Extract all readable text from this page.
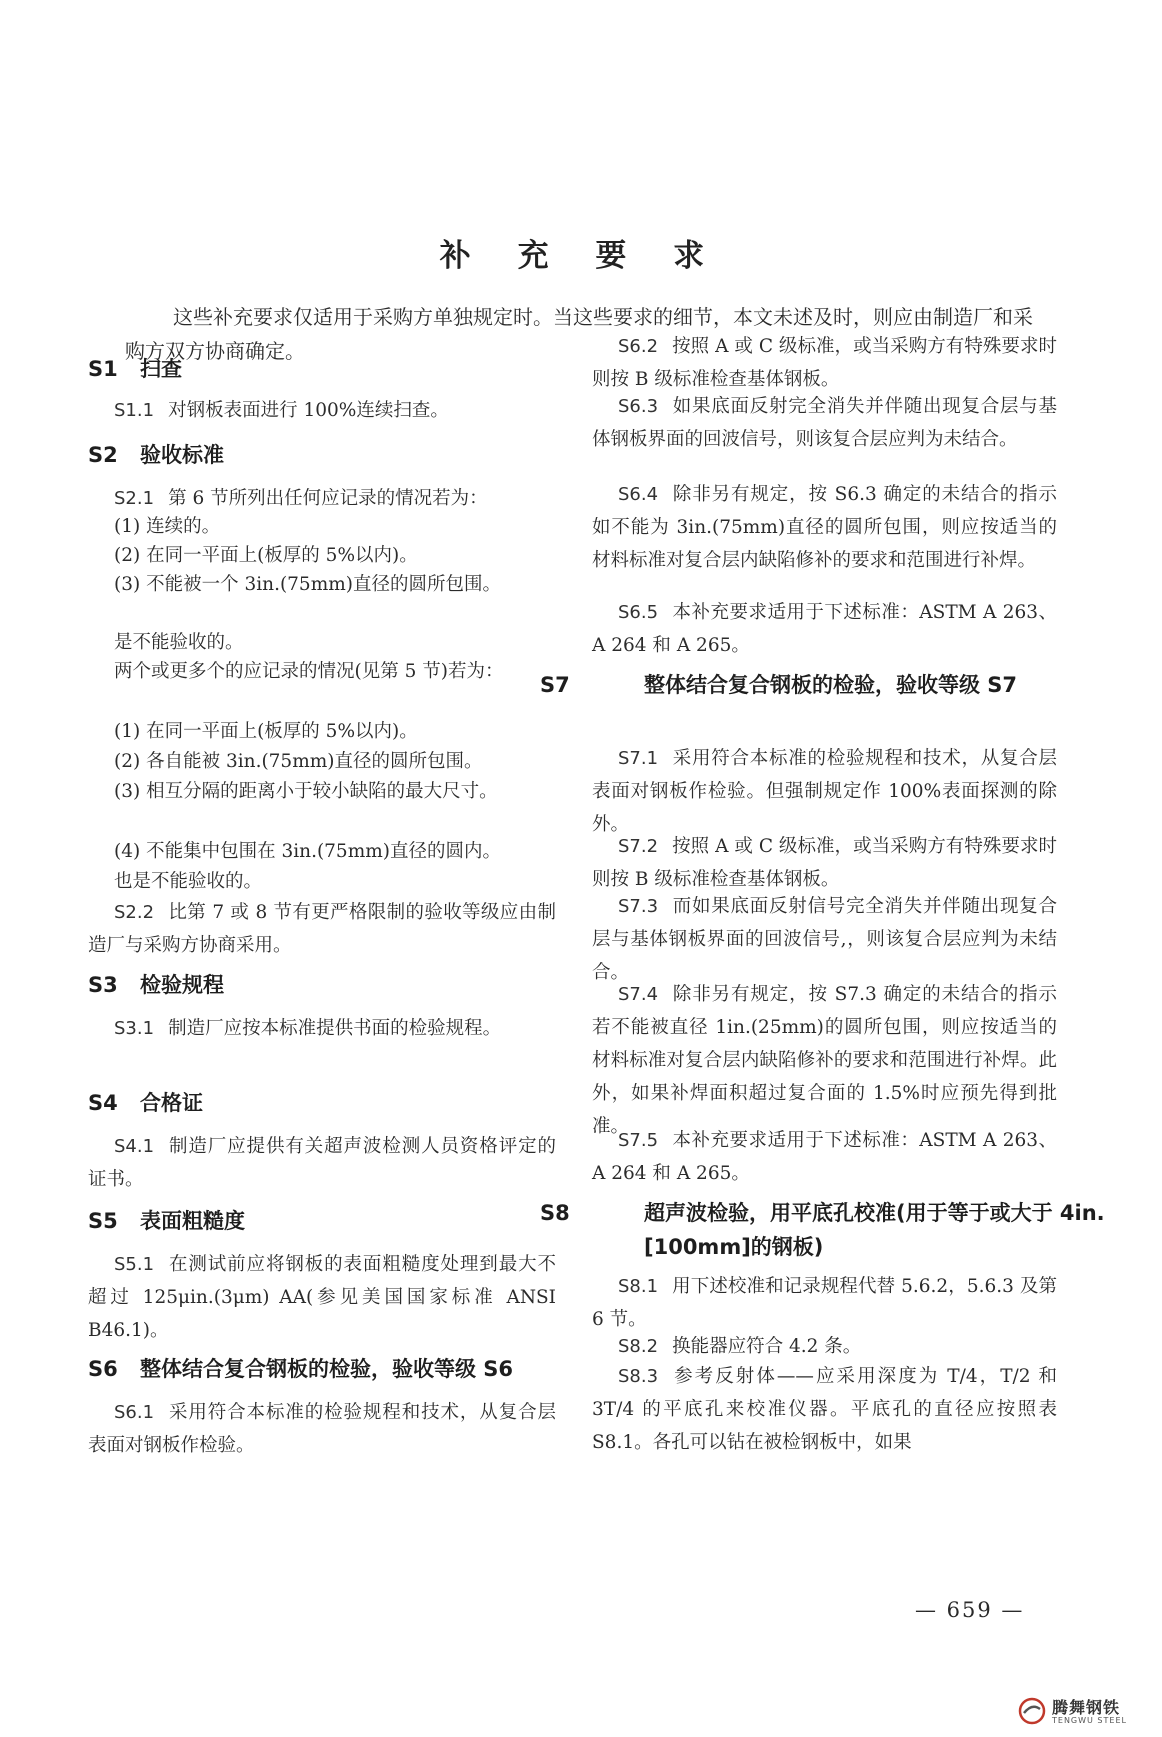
补 充 要 求
这些补充要求仅适用于采购方单独规定时。当这些要求的细节，本文未述及时，则应由制造厂和采购方双方协商确定。
S1 扫查
S1.1 对钢板表面进行 100%连续扫查。
S2 验收标准
S2.1 第 6 节所列出任何应记录的情况若为：
(1) 连续的。
(2) 在同一平面上(板厚的 5%以内)。
(3) 不能被一个 3in.(75mm)直径的圆所包围。
是不能验收的。
两个或更多个的应记录的情况(见第 5 节)若为：
(1) 在同一平面上(板厚的 5%以内)。
(2) 各自能被 3in.(75mm)直径的圆所包围。
(3) 相互分隔的距离小于较小缺陷的最大尺寸。
(4) 不能集中包围在 3in.(75mm)直径的圆内。
也是不能验收的。
S2.2 比第 7 或 8 节有更严格限制的验收等级应由制造厂与采购方协商采用。
S3 检验规程
S3.1 制造厂应按本标准提供书面的检验规程。
S4 合格证
S4.1 制造厂应提供有关超声波检测人员资格评定的证书。
S5 表面粗糙度
S5.1 在测试前应将钢板的表面粗糙度处理到最大不超过 125μin.(3μm) AA(参见美国国家标准 ANSI B46.1)。
S6 整体结合复合钢板的检验，验收等级 S6
S6.1 采用符合本标准的检验规程和技术，从复合层表面对钢板作检验。
S6.2 按照 A 或 C 级标准，或当采购方有特殊要求时则按 B 级标准检查基体钢板。
S6.3 如果底面反射完全消失并伴随出现复合层与基体钢板界面的回波信号，则该复合层应判为未结合。
S6.4 除非另有规定，按 S6.3 确定的未结合的指示如不能为 3in.(75mm)直径的圆所包围，则应按适当的材料标准对复合层内缺陷修补的要求和范围进行补焊。
S6.5 本补充要求适用于下述标准：ASTM A 263、A 264 和 A 265。
S7	整体结合复合钢板的检验，验收等级 S7
S7.1 采用符合本标准的检验规程和技术，从复合层表面对钢板作检验。但强制规定作 100%表面探测的除外。
S7.2 按照 A 或 C 级标准，或当采购方有特殊要求时则按 B 级标准检查基体钢板。
S7.3 而如果底面反射信号完全消失并伴随出现复合层与基体钢板界面的回波信号,，则该复合层应判为未结合。
S7.4 除非另有规定，按 S7.3 确定的未结合的指示若不能被直径 1in.(25mm)的圆所包围，则应按适当的材料标准对复合层内缺陷修补的要求和范围进行补焊。此外，如果补焊面积超过复合面的 1.5%时应预先得到批准。
S7.5 本补充要求适用于下述标准：ASTM A 263、A 264 和 A 265。
S8	超声波检验，用平底孔校准(用于等于或大于 4in.[100mm]的钢板)
S8.1 用下述校准和记录规程代替 5.6.2，5.6.3 及第 6 节。
S8.2 换能器应符合 4.2 条。
S8.3 参考反射体——应采用深度为 T/4，T/2 和 3T/4 的平底孔来校准仪器。平底孔的直径应按照表 S8.1。各孔可以钻在被检钢板中，如果
— 659 —
腾舞钢铁
TENGWU STEEL
